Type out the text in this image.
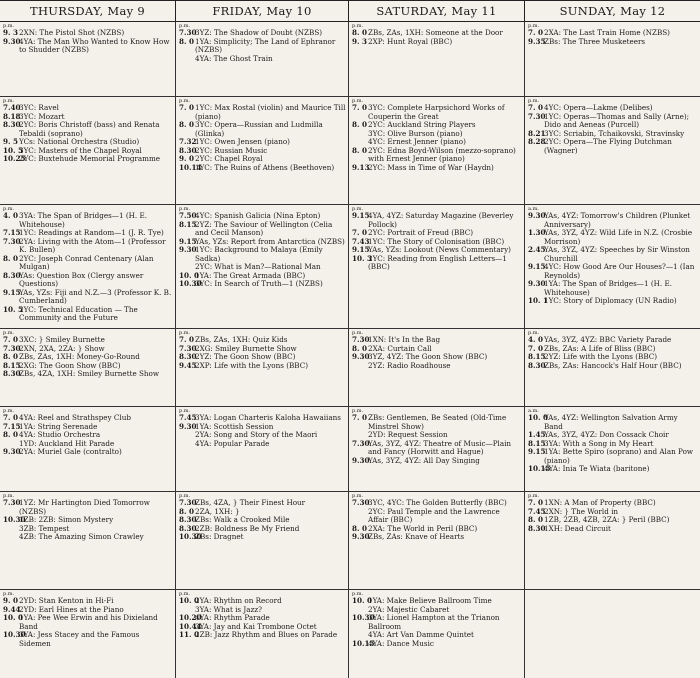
THURSDAY, May 9	FRIDAY, May 10	SATURDAY, May 11	SUNDAY, May 12
p.m.
9. 3 2XN: The Pistol Shot (NZBS)
9.30
4YA: The Man Who Wanted to Know How to Shudder (NZBS)
p.m.
7.30
3YZ: The Shadow of Doubt (NZBS)
8. 0 1YA: Simplicity; The Land of Ephranor (NZBS)
4YA: The Ghost Train
p.m.
8. 0 ZBs, ZAs, 1XH: Someone at the Door
9. 3 2XP: Hunt Royal (BBC)
p.m.
7. 0 2XA: The Last Train Home (NZBS)
9.35
ZBs: The Three Musketeers
p.m.
7.40
3YC: Ravel
8.18
3YC: Mozart
8.30
2YC: Boris Christoff (bass) and Renata Tebaldi (soprano)
9. 5 YCs: National Orchestra (Studio)
10. 5
3YC: Masters of the Chapel Royal
10.25
2YC: Buxtehude Memorial Programme
p.m.
7. 0 1YC: Max Rostal (violin) and Maurice Till (piano)
8. 0 3YC: Opera—Russian and Ludmilla (Glinka)
7.32
1YC: Owen Jensen (piano)
8.30
2YC: Russian Music
9. 0 2YC: Chapel Royal
10.14
1YC: The Ruins of Athens (Beethoven)
p.m.
7. 0 3YC: Complete Harpsichord Works of Couperin the Great
8. 0 2YC: Auckland String Players
3YC: Olive Burson (piano)
4YC: Ernest Jenner (piano)
8. 0 2YC: Edna Boyd-Wilson (mezzo-soprano) with Ernest Jenner (piano)
9.13
2YC: Mass in Time of War (Haydn)
p.m.
7. 0 4YC: Opera—Lakme (Delibes)
7.30
1YC: Operas—Thomas and Sally (Arne); Dido and Aeneas (Purcell)
8.21
3YC: Scriabin, Tchaikovski, Stravinsky
8.28
2YC: Opera—The Flying Dutchman (Wagner)
p.m.
4. 0 3YA: The Span of Bridges—1 (H. E. Whitehouse)
7.15
1YC: Readings at Random—1 (J. R. Tye)
7.30
2YA: Living with the Atom—1 (Professor K. Bullen)
8. 0 2YC: Joseph Conrad Centenary (Alan Mulgan)
8.30
YAs: Question Box (Clergy answer Questions)
9.15
YAs, YZs: Fiji and N.Z.—3 (Professor K. B. Cumberland)
10. 5
2YC: Technical Education — The Community and the Future
p.m.
7.50
4YC: Spanish Galicia (Nina Epton)
8.15
2YZ: The Saviour of Wellington (Celia and Cecil Manson)
9.15
YAs, YZs: Report from Antarctica (NZBS)
9.30
1YC: Background to Malaya (Emily Sadka)
2YC: What is Man?—Rational Man
10. 0
1YA: The Great Armada (BBC)
10.30
3YC: In Search of Truth—1 (NZBS)
p.m.
9.15
4YA, 4YZ: Saturday Magazine (Beverley Pollock)
7. 0 2YC: Portrait of Freud (BBC)
7.43
1YC: The Story of Colonisation (BBC)
9.15
YAs, YZs: Lookout (News Commentary)
10. 3
2YC: Reading from English Letters—1 (BBC)
a.m.
9.30
YAs, 4YZ: Tomorrow's Children (Plunket Anniversary)
1.30
YAs, 3YZ, 4YZ: Wild Life in N.Z. (Crosbie Morrison)
2.45
YAs, 3YZ, 4YZ: Speeches by Sir Winston Churchill
9.15
4YC: How Good Are Our Houses?—1 (Ian Reynolds)
9.30
1YA: The Span of Bridges—1 (H. E. Whitehouse)
10. 1
1YC: Story of Diplomacy (UN Radio)
p.m.
7. 0 3XC: } Smiley Burnette
7.30
2XN, 2XA, 2ZA: } Show
8. 0 ZBs, ZAs, 1XH: Money-Go-Round
8.15
2XG: The Goon Show (BBC)
8.30
ZBs, 4ZA, 1XH: Smiley Burnette Show
p.m.
7. 0 ZBs, ZAs, 1XH: Quiz Kids
7.30
2XG: Smiley Burnette Show
8.30
2YZ: The Goon Show (BBC)
9.45
2XP: Life with the Lyons (BBC)
p.m.
7.30
1XN: It's In the Bag
8. 0 2XA: Curtain Call
9.30
3YZ, 4YZ: The Goon Show (BBC)
2YZ: Radio Roadhouse
p.m.
4. 0 YAs, 3YZ, 4YZ: BBC Variety Parade
7. 0 ZBs, ZAs: A Life of Bliss (BBC)
8.15
2YZ: Life with the Lyons (BBC)
8.30
ZBs, ZAs: Hancock's Half Hour (BBC)
p.m.
7. 0 4YA: Reel and Strathspey Club
7.15
1YA: String Serenade
8. 0 4YA: Studio Orchestra
1YD: Auckland Hit Parade
9.30
2YA: Muriel Gale (contralto)
p.m.
7.45
3YA: Logan Charteris Kaloha Hawaiians
9.30
1YA: Scottish Session
2YA: Song and Story of the Maori
4YA: Popular Parade
p.m.
7. 0 ZBs: Gentlemen, Be Seated (Old-Time Minstrel Show)
2YD: Request Session
7.30
YAs, 3YZ, 4YZ: Theatre of Music—Plain and Fancy (Horwitt and Hague)
9.30
YAs, 3YZ, 4YZ: All Day Singing
a.m.
10. 0
YAs, 4YZ: Wellington Salvation Army Band
1.45
YAs, 3YZ, 4YZ: Don Cossack Choir
8.15
3YA: With a Song in My Heart
9.15
1YA: Bette Spiro (soprano) and Alan Pow (piano)
10.15
4YA: Inia Te Wiata (baritone)
p.m.
7.30
1YZ: Mr Hartington Died Tomorrow (NZBS)
10.30
1ZB: 2ZB: Simon Mystery
3ZB: Tempest
4ZB: The Amazing Simon Crawley
p.m.
7.30
ZBs, 4ZA, } Their Finest Hour
8. 0 2ZA, 1XH: }
8.30
ZBs: Walk a Crooked Mile
8.30
2ZB: Boldness Be My Friend
10.30
ZBs: Dragnet
p.m.
7.30
3YC, 4YC: The Golden Butterfly (BBC)
2YC: Paul Temple and the Lawrence Affair (BBC)
8. 0 2XA: The World in Peril (BBC)
9.30
ZBs, ZAs: Knave of Hearts
p.m.
7. 0 1XN: A Man of Property (BBC)
7.45
2XN: } The World in
8. 0 1ZB, 2ZB, 4ZB, 2ZA: } Peril (BBC)
8.30
1XH: Dead Circuit
p.m.
9. 0 2YD: Stan Kenton in Hi-Fi
9.44
2YD: Earl Hines at the Piano
10. 0
1YA: Pee Wee Erwin and his Dixieland Band
10.30
3YA: Jess Stacey and the Famous Sidemen
p.m.
10. 0
2YA: Rhythm on Record
3YA: What is Jazz?
10.20
4YA: Rhythm Parade
10.44
3YA: Jay and Kai Trombone Octet
11. 0
2ZB: Jazz Rhythm and Blues on Parade
p.m.
10. 0
1YA: Make Believe Ballroom Time
2YA: Majestic Cabaret
10.30
3YA: Lionel Hampton at the Trianon Ballroom
4YA: Art Van Damme Quintet
10.15
4YA: Dance Music
